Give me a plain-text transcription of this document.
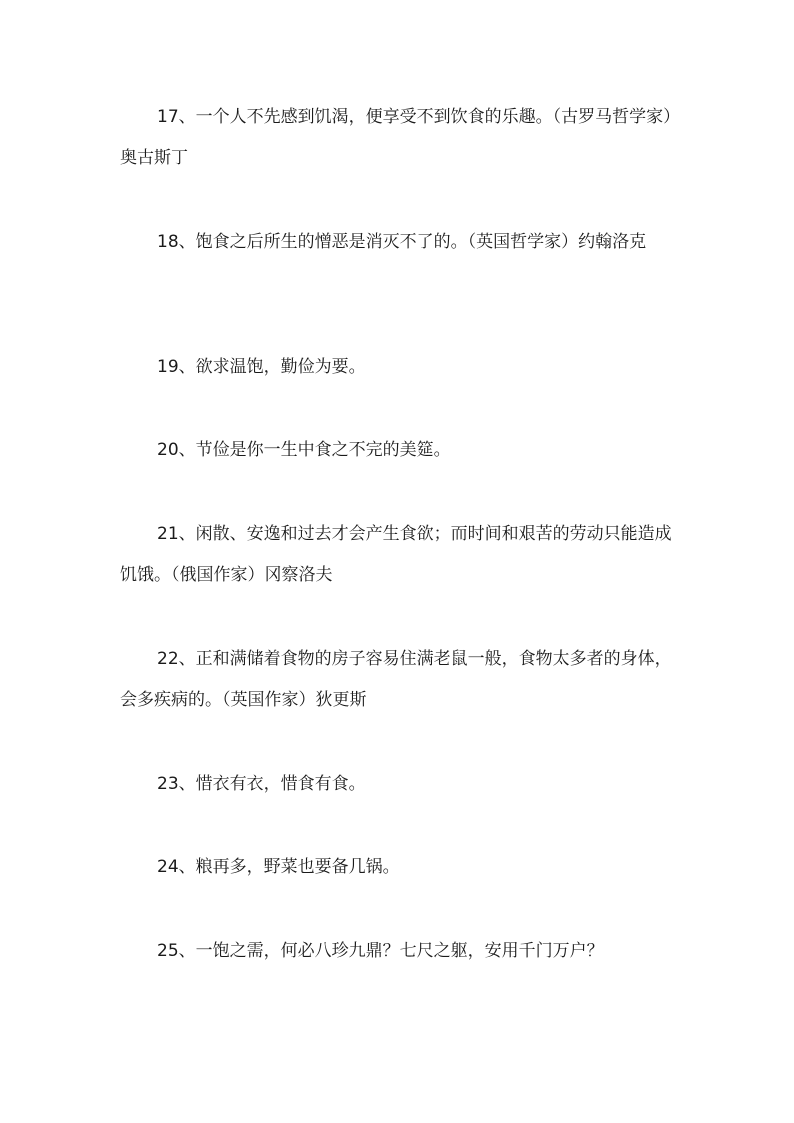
17、一个人不先感到饥渴，便享受不到饮食的乐趣。（古罗马哲学家）奥古斯丁

18、饱食之后所生的憎恶是消灭不了的。（英国哲学家）约翰洛克

19、欲求温饱，勤俭为要。

20、节俭是你一生中食之不完的美筵。

21、闲散、安逸和过去才会产生食欲；而时间和艰苦的劳动只能造成饥饿。（俄国作家）冈察洛夫

22、正和满储着食物的房子容易住满老鼠一般，食物太多者的身体，会多疾病的。（英国作家）狄更斯

23、惜衣有衣，惜食有食。

24、粮再多，野菜也要备几锅。

25、一饱之需，何必八珍九鼎？七尺之躯，安用千门万户？
